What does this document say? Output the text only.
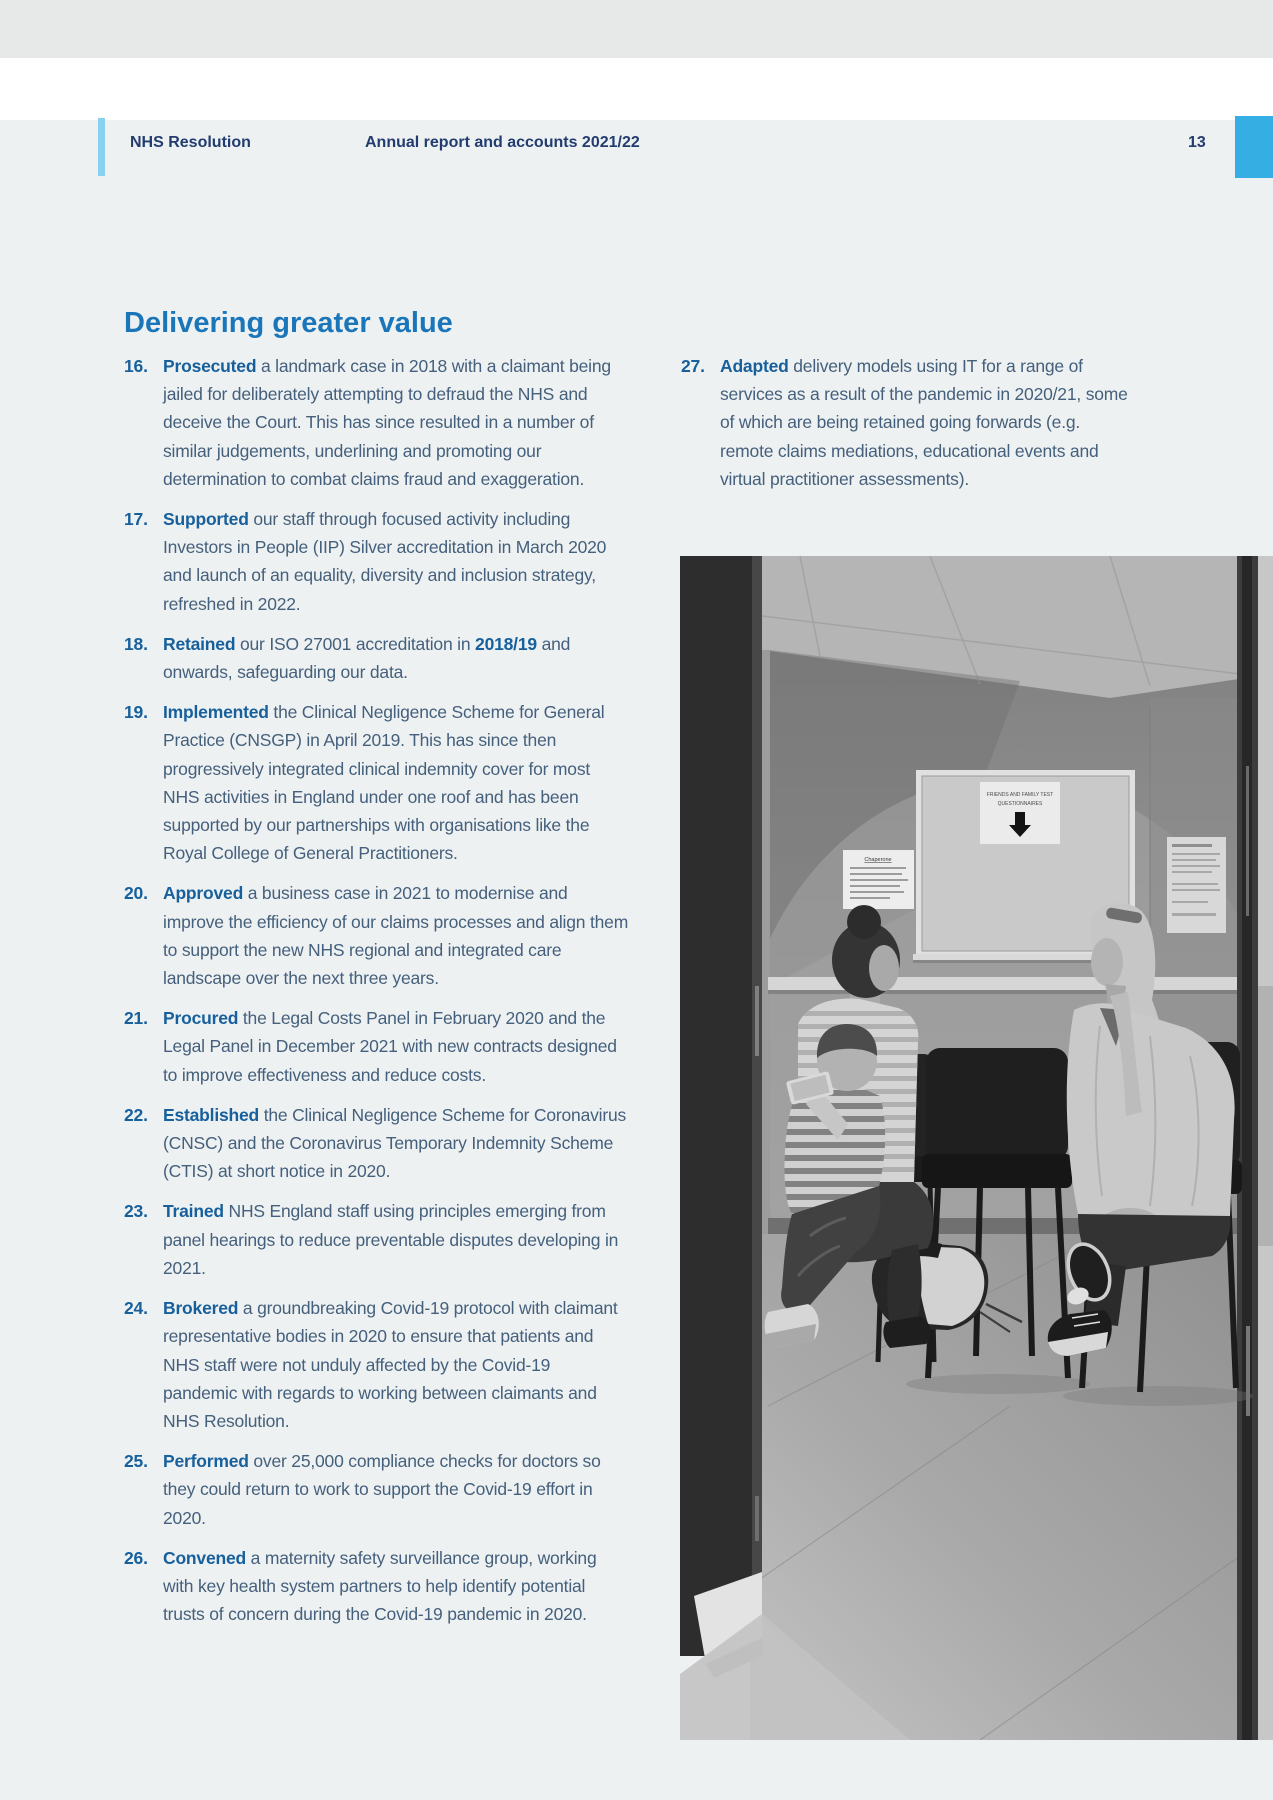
NHS Resolution	Annual report and accounts 2021/22	13
Delivering greater value
16. Prosecuted a landmark case in 2018 with a claimant being jailed for deliberately attempting to defraud the NHS and deceive the Court. This has since resulted in a number of similar judgements, underlining and promoting our determination to combat claims fraud and exaggeration.
17. Supported our staff through focused activity including Investors in People (IIP) Silver accreditation in March 2020 and launch of an equality, diversity and inclusion strategy, refreshed in 2022.
18. Retained our ISO 27001 accreditation in 2018/19 and onwards, safeguarding our data.
19. Implemented the Clinical Negligence Scheme for General Practice (CNSGP) in April 2019. This has since then progressively integrated clinical indemnity cover for most NHS activities in England under one roof and has been supported by our partnerships with organisations like the Royal College of General Practitioners.
20. Approved a business case in 2021 to modernise and improve the efficiency of our claims processes and align them to support the new NHS regional and integrated care landscape over the next three years.
21. Procured the Legal Costs Panel in February 2020 and the Legal Panel in December 2021 with new contracts designed to improve effectiveness and reduce costs.
22. Established the Clinical Negligence Scheme for Coronavirus (CNSC) and the Coronavirus Temporary Indemnity Scheme (CTIS) at short notice in 2020.
23. Trained NHS England staff using principles emerging from panel hearings to reduce preventable disputes developing in 2021.
24. Brokered a groundbreaking Covid-19 protocol with claimant representative bodies in 2020 to ensure that patients and NHS staff were not unduly affected by the Covid-19 pandemic with regards to working between claimants and NHS Resolution.
25. Performed over 25,000 compliance checks for doctors so they could return to work to support the Covid-19 effort in 2020.
26. Convened a maternity safety surveillance group, working with key health system partners to help identify potential trusts of concern during the Covid-19 pandemic in 2020.
27. Adapted delivery models using IT for a range of services as a result of the pandemic in 2020/21, some of which are being retained going forwards (e.g. remote claims mediations, educational events and virtual practitioner assessments).
FRIENDS AND FAMILY TEST
QUESTIONNAIRES
Chaperone
